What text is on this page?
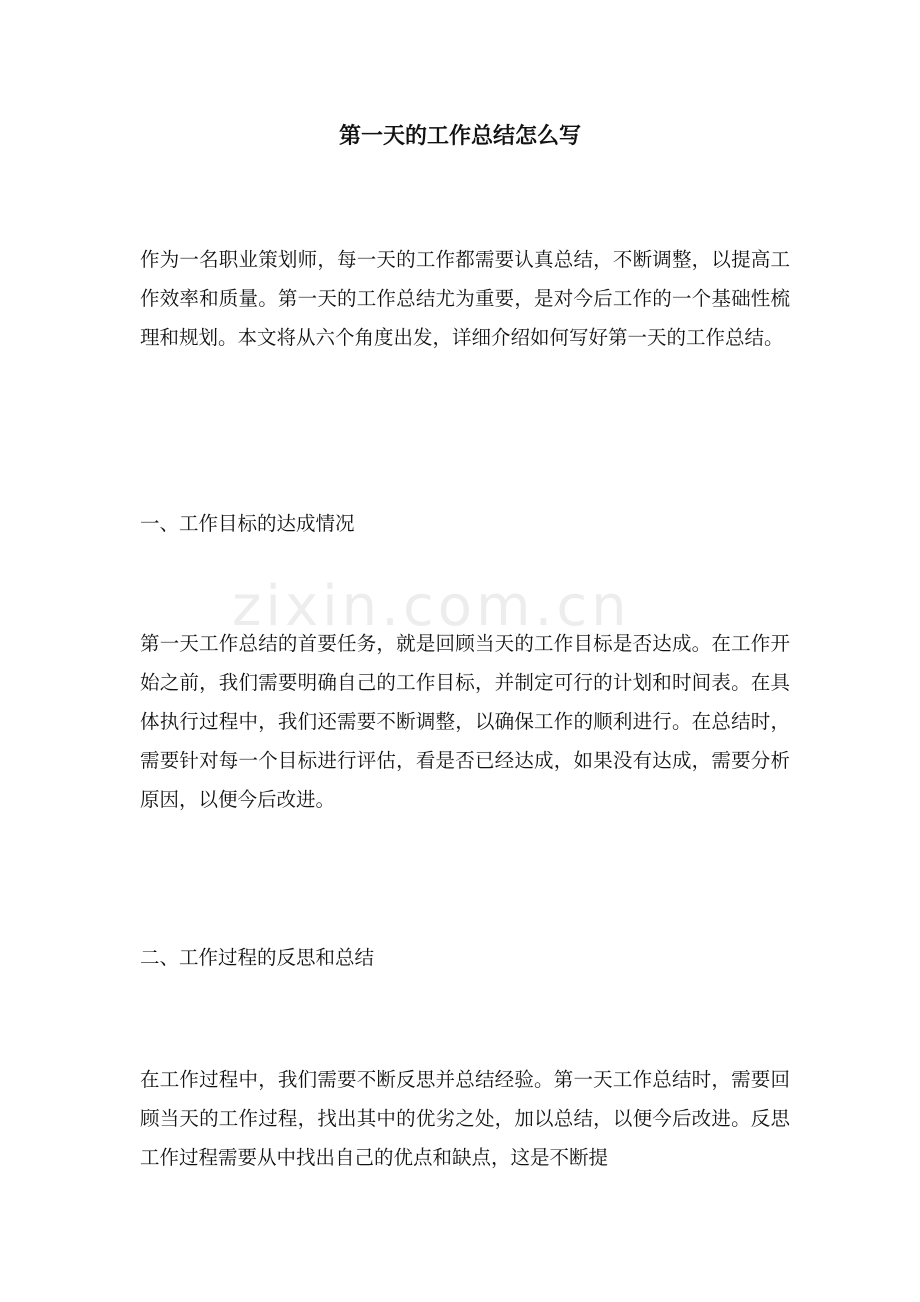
zixin.com.cn
第一天的工作总结怎么写

作为一名职业策划师，每一天的工作都需要认真总结，不断调整，以提高工作效率和质量。第一天的工作总结尤为重要，是对今后工作的一个基础性梳理和规划。本文将从六个角度出发，详细介绍如何写好第一天的工作总结。

一、工作目标的达成情况

第一天工作总结的首要任务，就是回顾当天的工作目标是否达成。在工作开始之前，我们需要明确自己的工作目标，并制定可行的计划和时间表。在具体执行过程中，我们还需要不断调整，以确保工作的顺利进行。在总结时，需要针对每一个目标进行评估，看是否已经达成，如果没有达成，需要分析原因，以便今后改进。

二、工作过程的反思和总结

在工作过程中，我们需要不断反思并总结经验。第一天工作总结时，需要回顾当天的工作过程，找出其中的优劣之处，加以总结，以便今后改进。反思工作过程需要从中找出自己的优点和缺点，这是不断提
